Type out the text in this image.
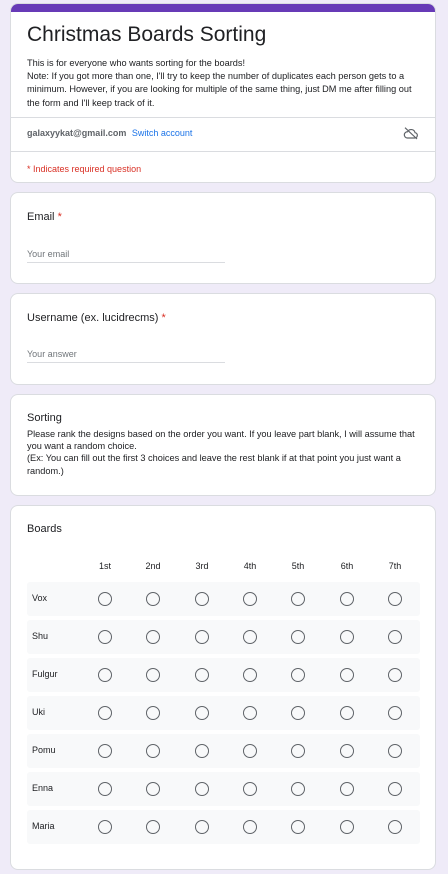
Christmas Boards Sorting

This is for everyone who wants sorting for the boards!

Note: If you got more than one, I'll try to keep the number of duplicates each person gets to a minimum. However, if you are looking for multiple of the same thing, just DM me after filling out the form and I'll keep track of it.

galaxyykat@gmail.com Switch account
* Indicates required question
Email *
Your email
Username (ex. lucidrecms) *
Your answer
Sorting

Please rank the designs based on the order you want. If you leave part blank, I will assume that you want a random choice.

(Ex: You can fill out the first 3 choices and leave the rest blank if at that point you just want a random.)

Boards
1st	2nd	3rd	4th	5th	6th	7th
Vox
Shu
Fulgur
Uki
Pomu
Enna
Maria
